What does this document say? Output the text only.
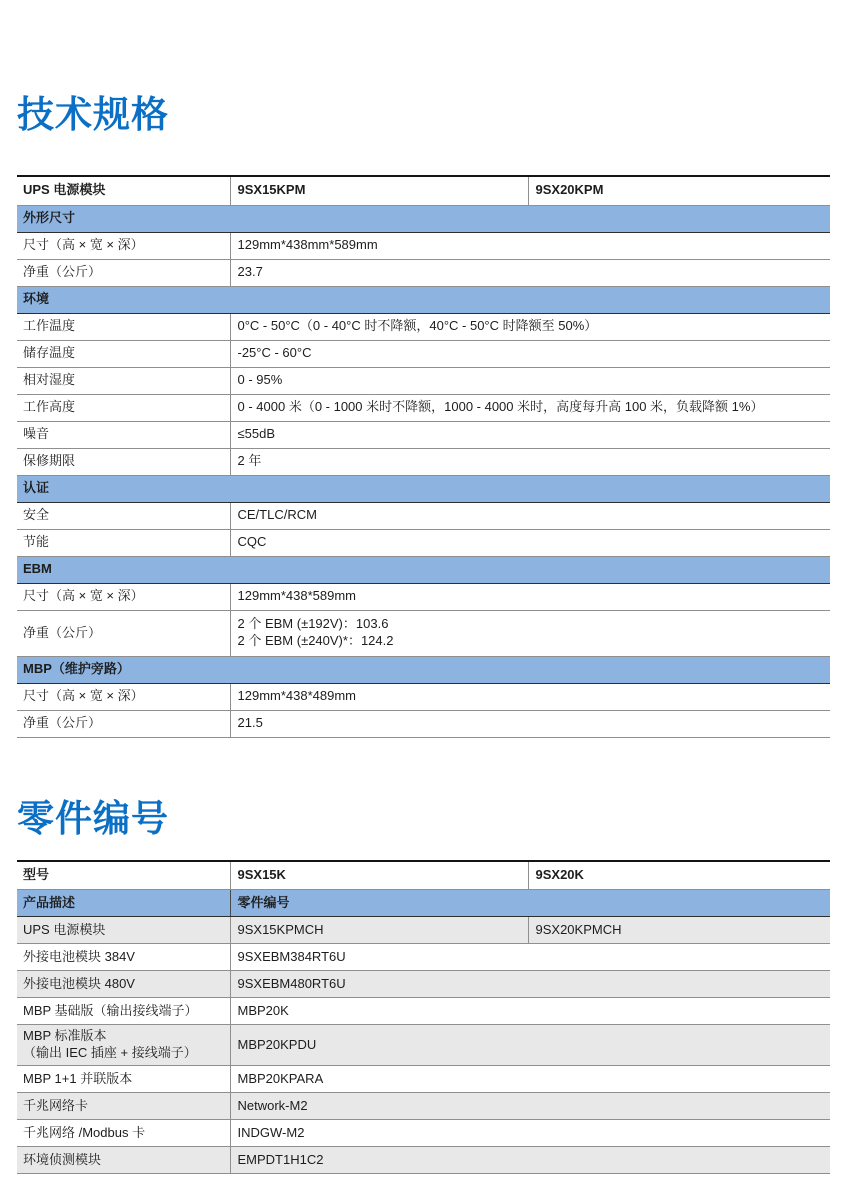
技术规格
UPS 电源模块	9SX15KPM	9SX20KPM
外形尺寸		
尺寸（高 × 宽 × 深）	129mm*438mm*589mm	
净重（公斤）	23.7	
环境		
工作温度	0°C - 50°C（0 - 40°C 时不降额，40°C - 50°C 时降额至 50%）	
储存温度	-25°C - 60°C	
相对湿度	0 - 95%	
工作高度	0 - 4000 米（0 - 1000 米时不降额，1000 - 4000 米时，高度每升高 100 米，负载降额 1%）	
噪音	≤55dB	
保修期限	2 年	
认证		
安全	CE/TLC/RCM	
节能	CQC	
EBM		
尺寸（高 × 宽 × 深）	129mm*438*589mm	
净重（公斤）	2 个 EBM (±192V)：103.6
2 个 EBM (±240V)*：124.2	

MBP（维护旁路）		
尺寸（高 × 宽 × 深）	129mm*438*489mm	
净重（公斤）	21.5	
零件编号
型号	9SX15K	9SX20K
产品描述	零件编号	
UPS 电源模块	9SX15KPMCH	9SX20KPMCH
外接电池模块 384V	9SXEBM384RT6U	
外接电池模块 480V	9SXEBM480RT6U	
MBP 基础版（输出接线端子）	MBP20K	

MBP 标准版本
（输出 IEC 插座 + 接线端子）	MBP20KPDU	
MBP 1+1 并联版本	MBP20KPARA	
千兆网络卡	Network-M2	
千兆网络 /Modbus 卡	INDGW-M2	
环境侦测模块	EMPDT1H1C2	
